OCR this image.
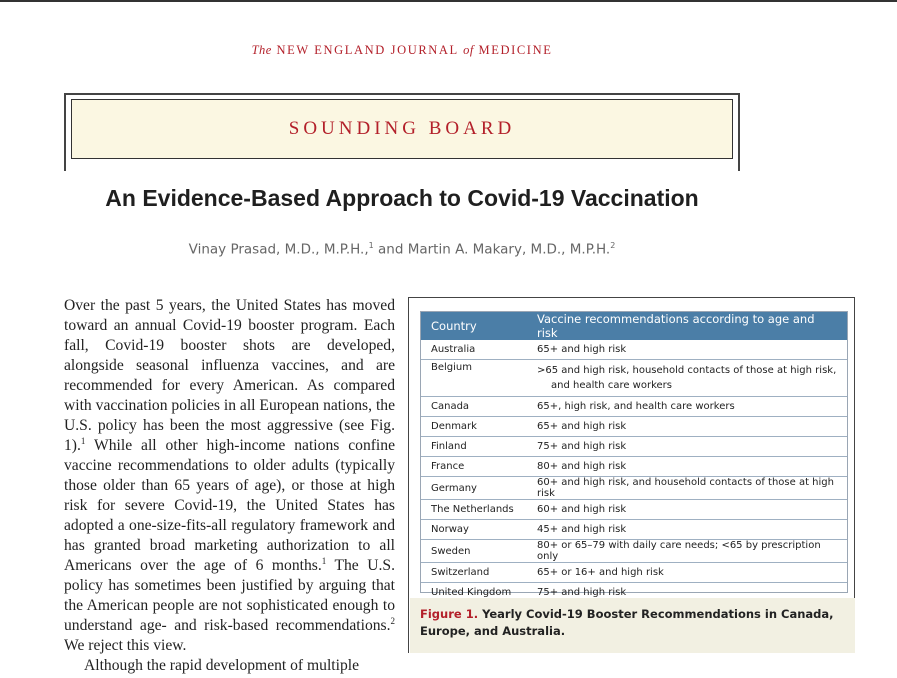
The NEW ENGLAND JOURNAL of MEDICINE
SOUNDING BOARD
An Evidence-Based Approach to Covid-19 Vaccination
Vinay Prasad, M.D., M.P.H.,$^1$ and Martin A. Makary, M.D., M.P.H.$^2$

Over the past 5 years, the United States has moved toward an annual Covid-19 booster program. Each fall, Covid-19 booster shots are developed, alongside seasonal influenza vaccines, and are recommended for every American. As compared with vaccination policies in all European nations, the U.S. policy has been the most aggressive (see Fig. 1).$^1$ While all other high-income nations confine vaccine recommendations to older adults (typically those older than 65 years of age), or those at high risk for severe Covid-19, the United States has adopted a one-size-fits-all regulatory framework and has granted broad marketing authorization to all Americans over the age of 6 months.$^1$ The U.S. policy has sometimes been justified by arguing that the American people are not sophisticated enough to understand age- and risk-based recommendations.$^2$ We reject this view.

Although the rapid development of multiple

Country	Vaccine recommendations according to age and risk
Australia	65+ and high risk
Belgium	>65 and high risk, household contacts of those at high risk,
and health care workers

Canada	65+, high risk, and health care workers
Denmark	65+ and high risk
Finland	75+ and high risk
France	80+ and high risk
Germany	60+ and high risk, and household contacts of those at high risk
The Netherlands	60+ and high risk
Norway	45+ and high risk
Sweden	80+ or 65–79 with daily care needs; <65 by prescription only
Switzerland	65+ or 16+ and high risk
United Kingdom	75+ and high risk
Figure 1. Yearly Covid-19 Booster Recommendations in Canada, Europe, and Australia.
